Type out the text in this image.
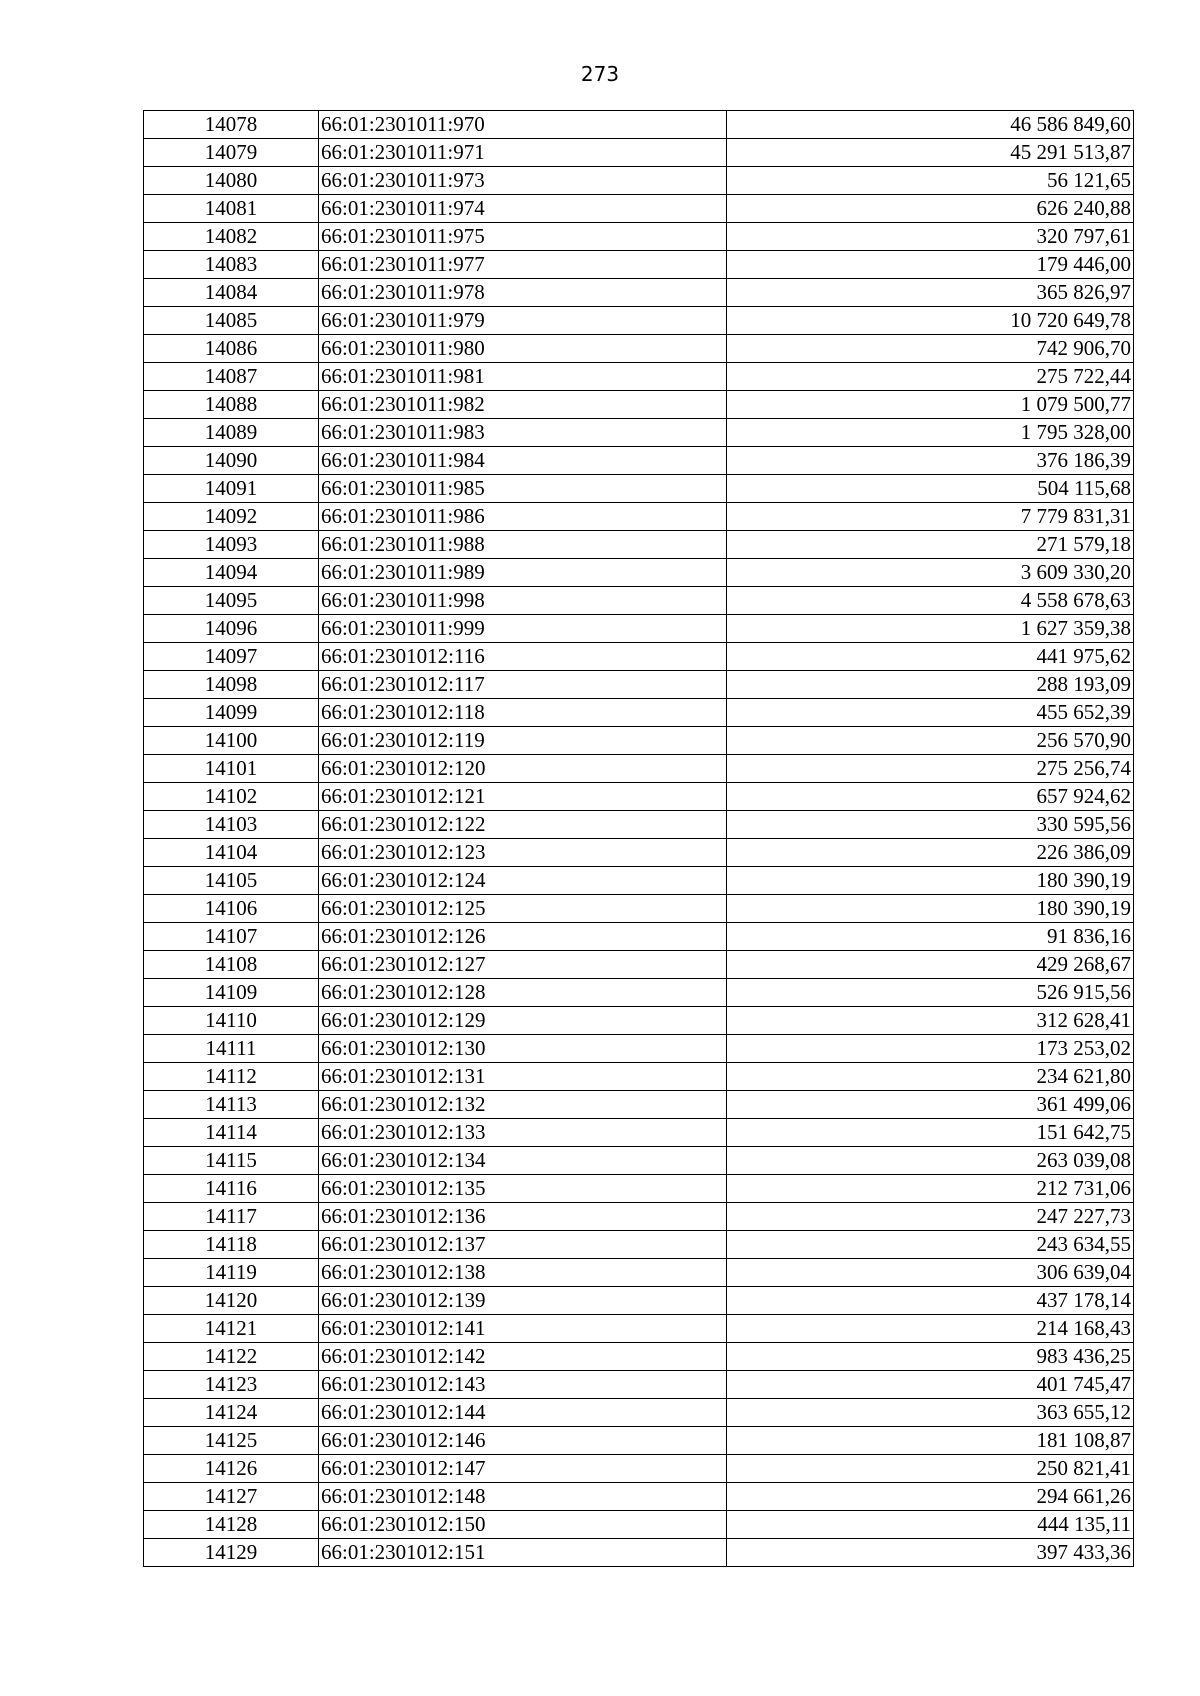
273
14078	66:01:2301011:970	46 586 849,60
14079	66:01:2301011:971	45 291 513,87
14080	66:01:2301011:973	56 121,65
14081	66:01:2301011:974	626 240,88
14082	66:01:2301011:975	320 797,61
14083	66:01:2301011:977	179 446,00
14084	66:01:2301011:978	365 826,97
14085	66:01:2301011:979	10 720 649,78
14086	66:01:2301011:980	742 906,70
14087	66:01:2301011:981	275 722,44
14088	66:01:2301011:982	1 079 500,77
14089	66:01:2301011:983	1 795 328,00
14090	66:01:2301011:984	376 186,39
14091	66:01:2301011:985	504 115,68
14092	66:01:2301011:986	7 779 831,31
14093	66:01:2301011:988	271 579,18
14094	66:01:2301011:989	3 609 330,20
14095	66:01:2301011:998	4 558 678,63
14096	66:01:2301011:999	1 627 359,38
14097	66:01:2301012:116	441 975,62
14098	66:01:2301012:117	288 193,09
14099	66:01:2301012:118	455 652,39
14100	66:01:2301012:119	256 570,90
14101	66:01:2301012:120	275 256,74
14102	66:01:2301012:121	657 924,62
14103	66:01:2301012:122	330 595,56
14104	66:01:2301012:123	226 386,09
14105	66:01:2301012:124	180 390,19
14106	66:01:2301012:125	180 390,19
14107	66:01:2301012:126	91 836,16
14108	66:01:2301012:127	429 268,67
14109	66:01:2301012:128	526 915,56
14110	66:01:2301012:129	312 628,41
14111	66:01:2301012:130	173 253,02
14112	66:01:2301012:131	234 621,80
14113	66:01:2301012:132	361 499,06
14114	66:01:2301012:133	151 642,75
14115	66:01:2301012:134	263 039,08
14116	66:01:2301012:135	212 731,06
14117	66:01:2301012:136	247 227,73
14118	66:01:2301012:137	243 634,55
14119	66:01:2301012:138	306 639,04
14120	66:01:2301012:139	437 178,14
14121	66:01:2301012:141	214 168,43
14122	66:01:2301012:142	983 436,25
14123	66:01:2301012:143	401 745,47
14124	66:01:2301012:144	363 655,12
14125	66:01:2301012:146	181 108,87
14126	66:01:2301012:147	250 821,41
14127	66:01:2301012:148	294 661,26
14128	66:01:2301012:150	444 135,11
14129	66:01:2301012:151	397 433,36
